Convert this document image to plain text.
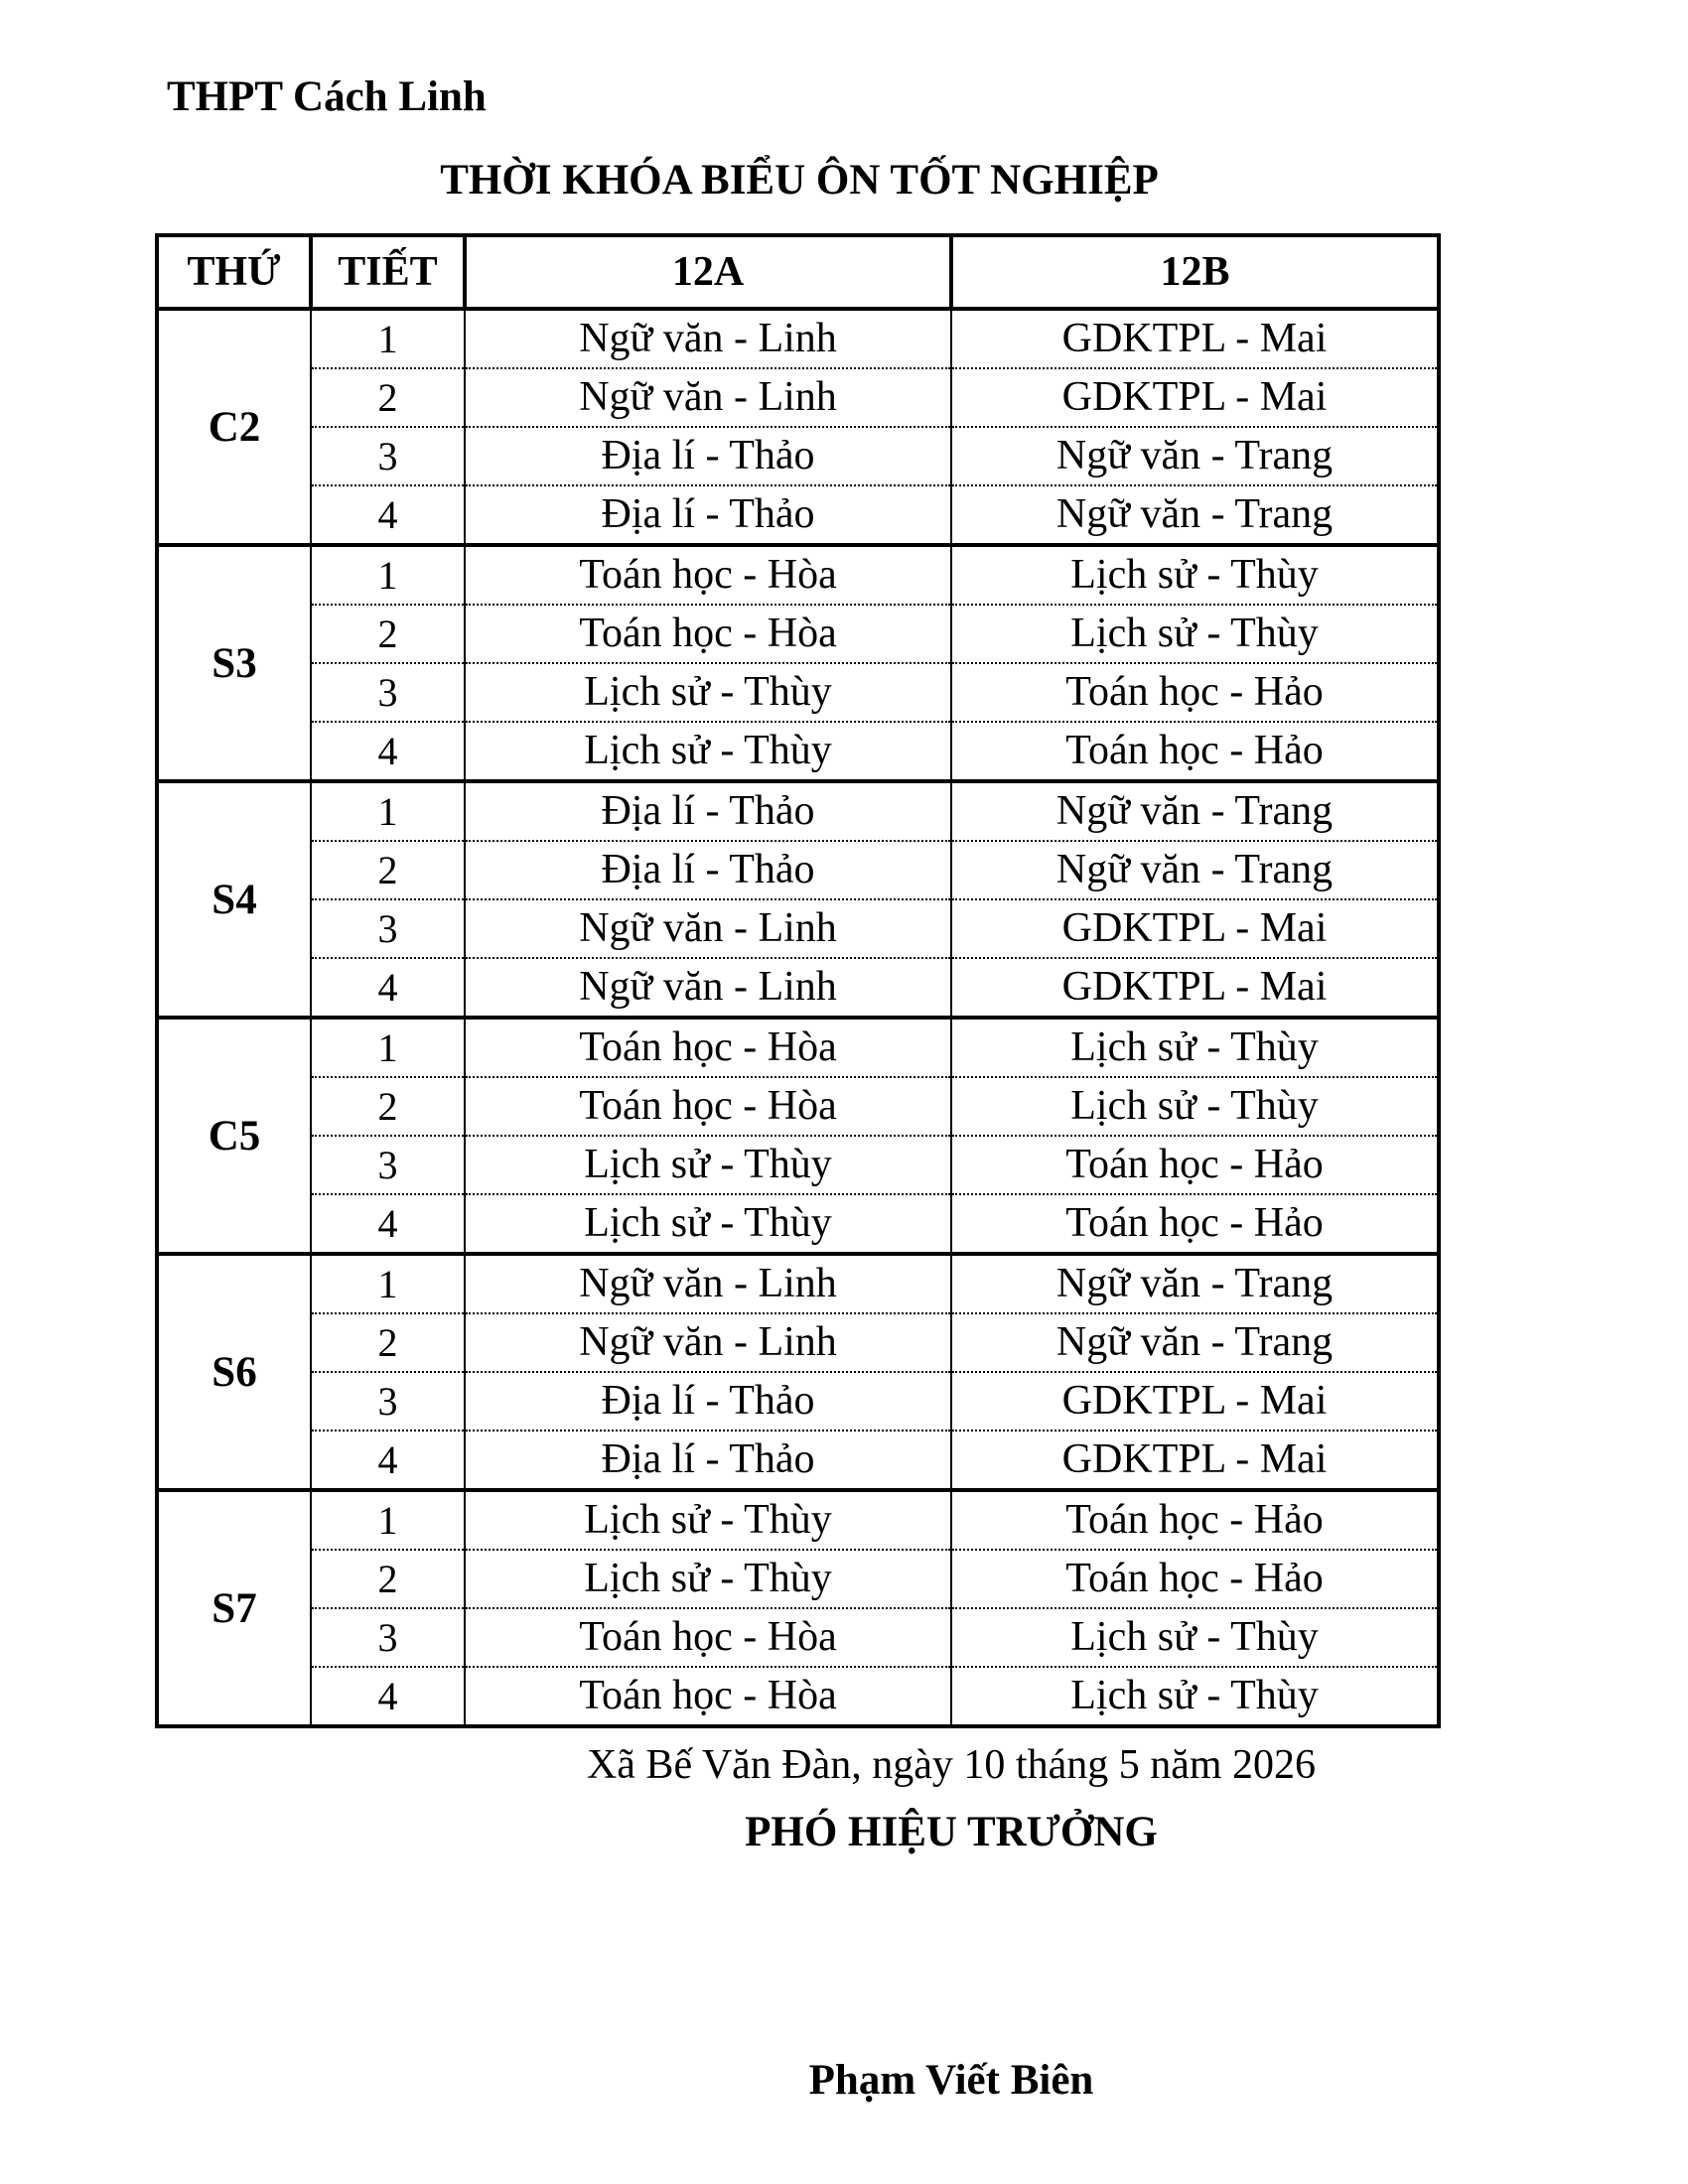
THPT Cách Linh

THỜI KHÓA BIỂU ÔN TỐT NGHIỆP

THỨ	TIẾT	12A	12B
C2	1	Ngữ văn - Linh	GDKTPL - Mai
	2	Ngữ văn - Linh	GDKTPL - Mai
	3	Địa lí - Thảo	Ngữ văn - Trang
	4	Địa lí - Thảo	Ngữ văn - Trang
S3	1	Toán học - Hòa	Lịch sử - Thùy
	2	Toán học - Hòa	Lịch sử - Thùy
	3	Lịch sử - Thùy	Toán học - Hảo
	4	Lịch sử - Thùy	Toán học - Hảo
S4	1	Địa lí - Thảo	Ngữ văn - Trang
	2	Địa lí - Thảo	Ngữ văn - Trang
	3	Ngữ văn - Linh	GDKTPL - Mai
	4	Ngữ văn - Linh	GDKTPL - Mai
C5	1	Toán học - Hòa	Lịch sử - Thùy
	2	Toán học - Hòa	Lịch sử - Thùy
	3	Lịch sử - Thùy	Toán học - Hảo
	4	Lịch sử - Thùy	Toán học - Hảo
S6	1	Ngữ văn - Linh	Ngữ văn - Trang
	2	Ngữ văn - Linh	Ngữ văn - Trang
	3	Địa lí - Thảo	GDKTPL - Mai
	4	Địa lí - Thảo	GDKTPL - Mai
S7	1	Lịch sử - Thùy	Toán học - Hảo
	2	Lịch sử - Thùy	Toán học - Hảo
	3	Toán học - Hòa	Lịch sử - Thùy
	4	Toán học - Hòa	Lịch sử - Thùy

Xã Bế Văn Đàn, ngày 10 tháng 5 năm 2026

PHÓ HIỆU TRƯỞNG

Phạm Viết Biên
